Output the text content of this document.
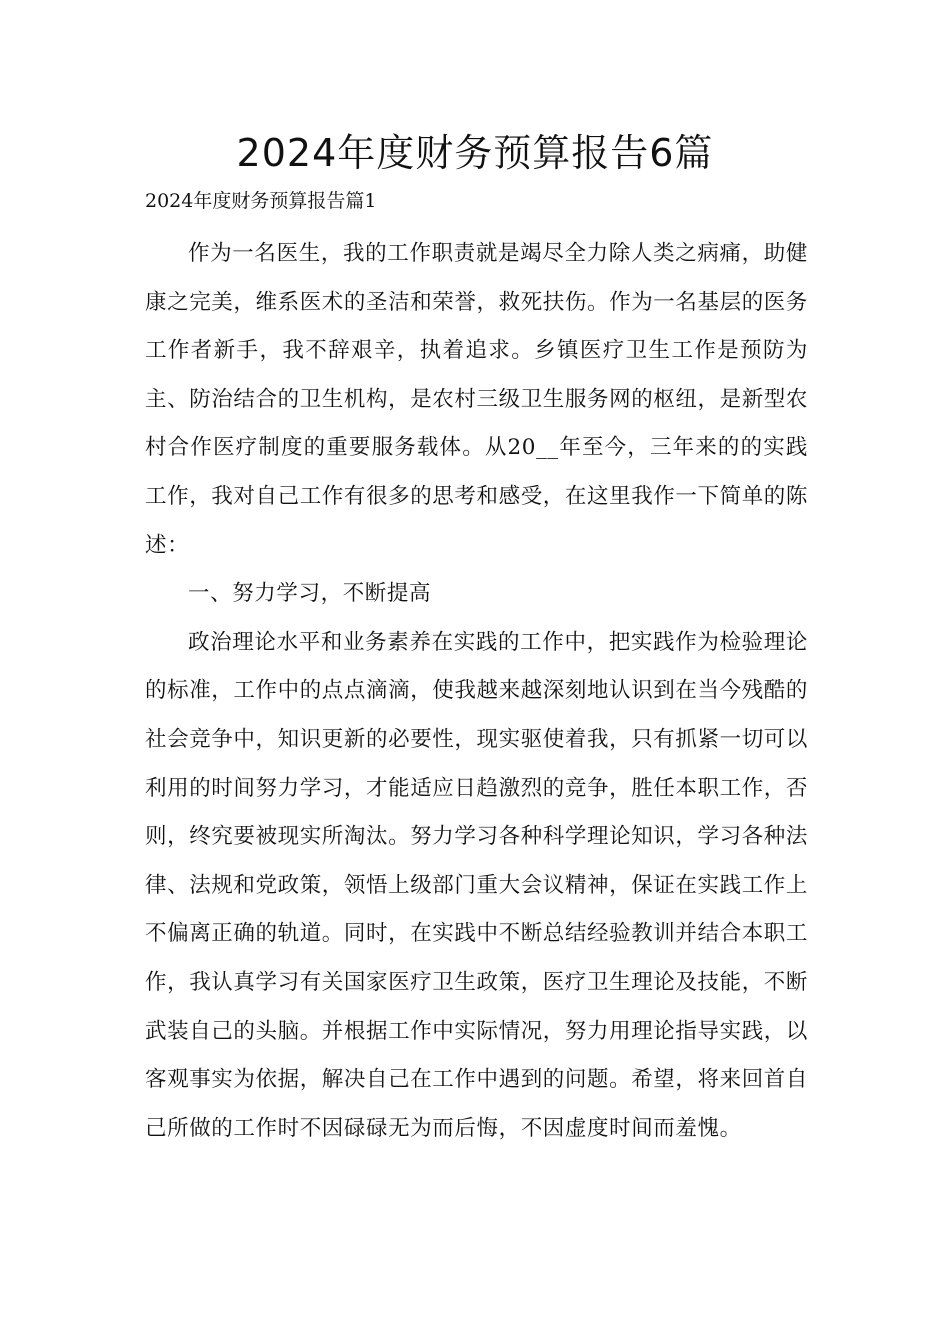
2024年度财务预算报告6篇

2024年度财务预算报告篇1

作为一名医生，我的工作职责就是竭尽全力除人类之病痛，助健康之完美，维系医术的圣洁和荣誉，救死扶伤。作为一名基层的医务工作者新手，我不辞艰辛，执着追求。乡镇医疗卫生工作是预防为主、防治结合的卫生机构，是农村三级卫生服务网的枢纽，是新型农村合作医疗制度的重要服务载体。从20__年至今，三年来的的实践工作，我对自己工作有很多的思考和感受，在这里我作一下简单的陈述：

一、努力学习，不断提高

政治理论水平和业务素养在实践的工作中，把实践作为检验理论的标准，工作中的点点滴滴，使我越来越深刻地认识到在当今残酷的社会竞争中，知识更新的必要性，现实驱使着我，只有抓紧一切可以利用的时间努力学习，才能适应日趋激烈的竞争，胜任本职工作，否则，终究要被现实所淘汰。努力学习各种科学理论知识，学习各种法律、法规和党政策，领悟上级部门重大会议精神，保证在实践工作上不偏离正确的轨道。同时，在实践中不断总结经验教训并结合本职工作，我认真学习有关国家医疗卫生政策，医疗卫生理论及技能，不断武装自己的头脑。并根据工作中实际情况，努力用理论指导实践，以客观事实为依据，解决自己在工作中遇到的问题。希望，将来回首自己所做的工作时不因碌碌无为而后悔，不因虚度时间而羞愧。
